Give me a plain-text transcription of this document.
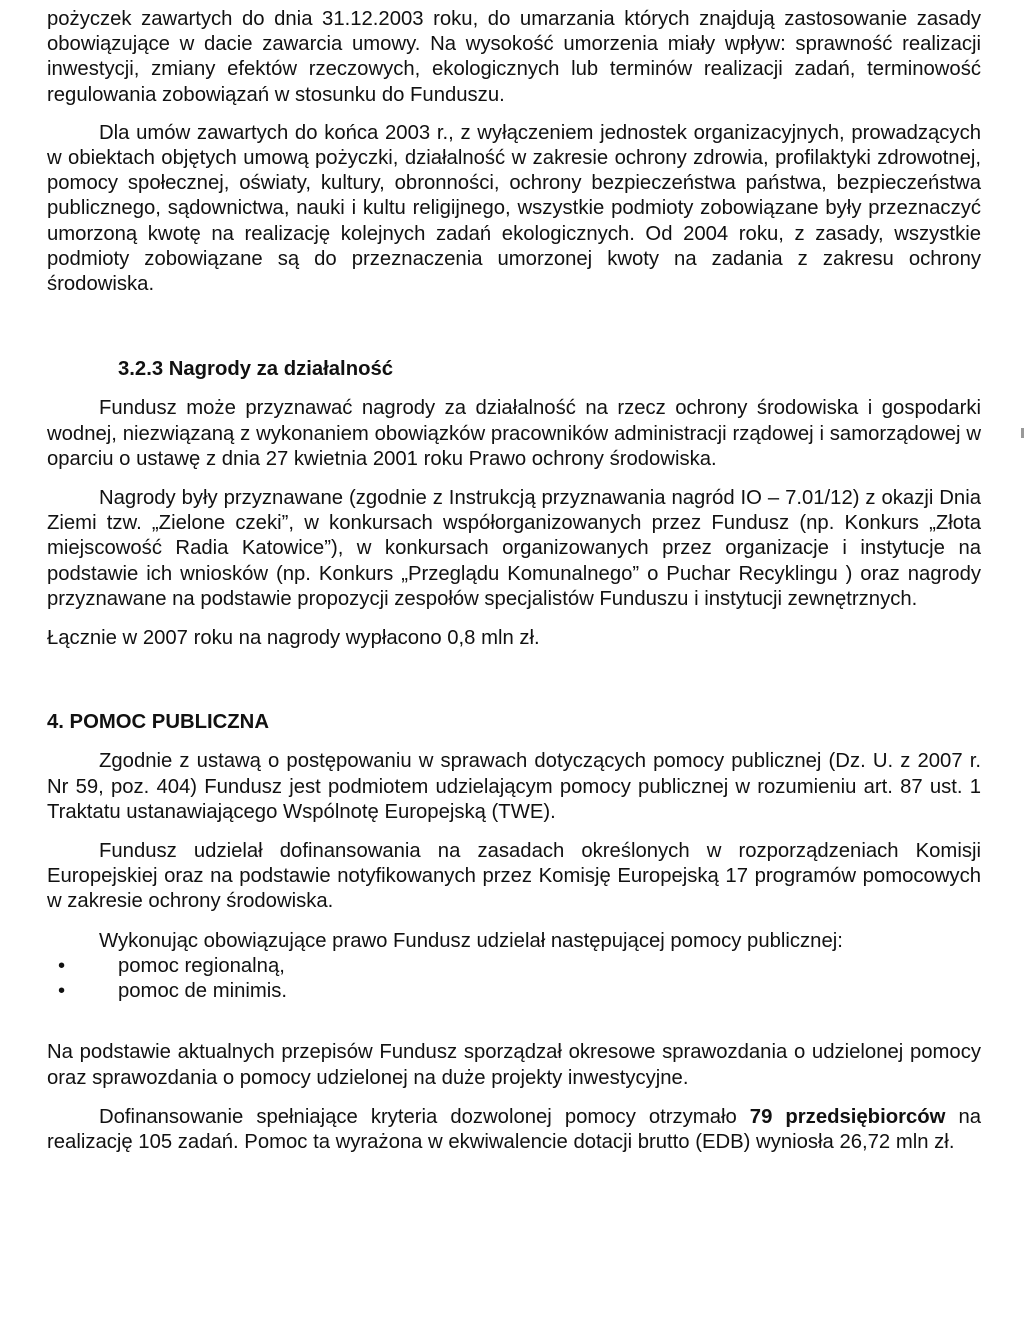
pożyczek zawartych do dnia 31.12.2003 roku, do umarzania których znajdują zastosowanie zasady obowiązujące w dacie zawarcia umowy. Na wysokość umorzenia miały wpływ: sprawność realizacji inwestycji, zmiany efektów rzeczowych, ekologicznych lub terminów realizacji zadań, terminowość regulowania zobowiązań w stosunku do Funduszu.

Dla umów zawartych do końca 2003 r., z wyłączeniem jednostek organizacyjnych, prowadzących w obiektach objętych umową pożyczki, działalność w zakresie ochrony zdrowia, profilaktyki zdrowotnej, pomocy społecznej, oświaty, kultury, obronności, ochrony bezpieczeństwa państwa, bezpieczeństwa publicznego, sądownictwa, nauki i kultu religijnego, wszystkie podmioty zobowiązane były przeznaczyć umorzoną kwotę na realizację kolejnych zadań ekologicznych. Od 2004 roku, z zasady, wszystkie podmioty zobowiązane są do przeznaczenia umorzonej kwoty na zadania z zakresu ochrony środowiska.

3.2.3 Nagrody za działalność

Fundusz może przyznawać nagrody za działalność na rzecz ochrony środowiska i gospodarki wodnej, niezwiązaną z wykonaniem obowiązków pracowników administracji rządowej i samorządowej w oparciu o ustawę z dnia 27 kwietnia 2001 roku Prawo ochrony środowiska.

Nagrody były przyznawane (zgodnie z Instrukcją przyznawania nagród IO – 7.01/12) z okazji Dnia Ziemi tzw. „Zielone czeki”, w konkursach współorganizowanych przez Fundusz (np. Konkurs „Złota miejscowość Radia Katowice”), w konkursach organizowanych przez organizacje i instytucje na podstawie ich wniosków (np. Konkurs „Przeglądu Komunalnego” o Puchar Recyklingu ) oraz nagrody przyznawane na podstawie propozycji zespołów specjalistów Funduszu i instytucji zewnętrznych.

Łącznie w 2007 roku na nagrody wypłacono 0,8 mln zł.

4. POMOC PUBLICZNA

Zgodnie z ustawą o postępowaniu w sprawach dotyczących pomocy publicznej (Dz. U. z 2007 r. Nr 59, poz. 404) Fundusz jest podmiotem udzielającym pomocy publicznej w rozumieniu art. 87 ust. 1 Traktatu ustanawiającego Wspólnotę Europejską (TWE).

Fundusz udzielał dofinansowania na zasadach określonych w rozporządzeniach Komisji Europejskiej oraz na podstawie notyfikowanych przez Komisję Europejską 17 programów pomocowych w zakresie ochrony środowiska.

Wykonując obowiązujące prawo Fundusz udzielał następującej pomocy publicznej:

• pomoc regionalną,
• pomoc de minimis.

Na podstawie aktualnych przepisów Fundusz sporządzał okresowe sprawozdania o udzielonej pomocy oraz sprawozdania o pomocy udzielonej na duże projekty inwestycyjne.

Dofinansowanie spełniające kryteria dozwolonej pomocy otrzymało 79 przedsiębiorców na realizację 105 zadań. Pomoc ta wyrażona w ekwiwalencie dotacji brutto (EDB) wyniosła 26,72 mln zł.
